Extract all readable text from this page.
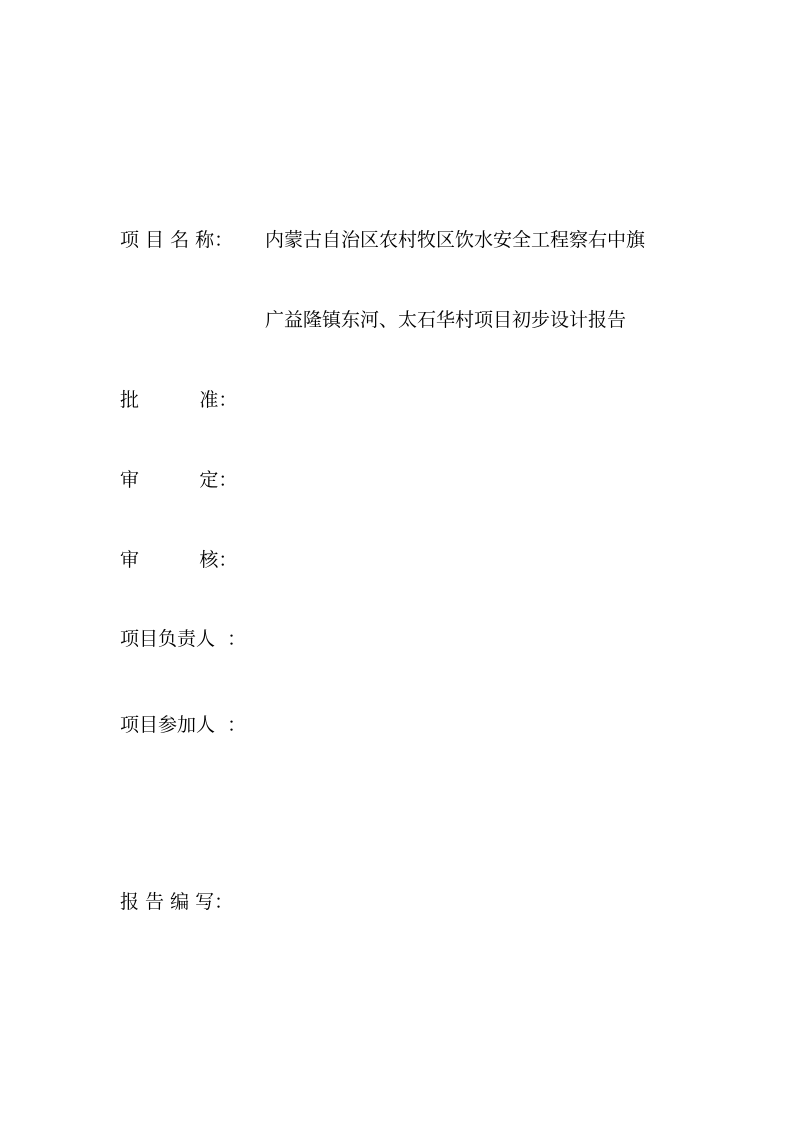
项 目 名 称： 内蒙古自治区农村牧区饮水安全工程察右中旗
广益隆镇东河、太石华村项目初步设计报告
批          准：
审          定：
审          核：
项目负责人  ：
项目参加人  ：
报 告 编 写：
